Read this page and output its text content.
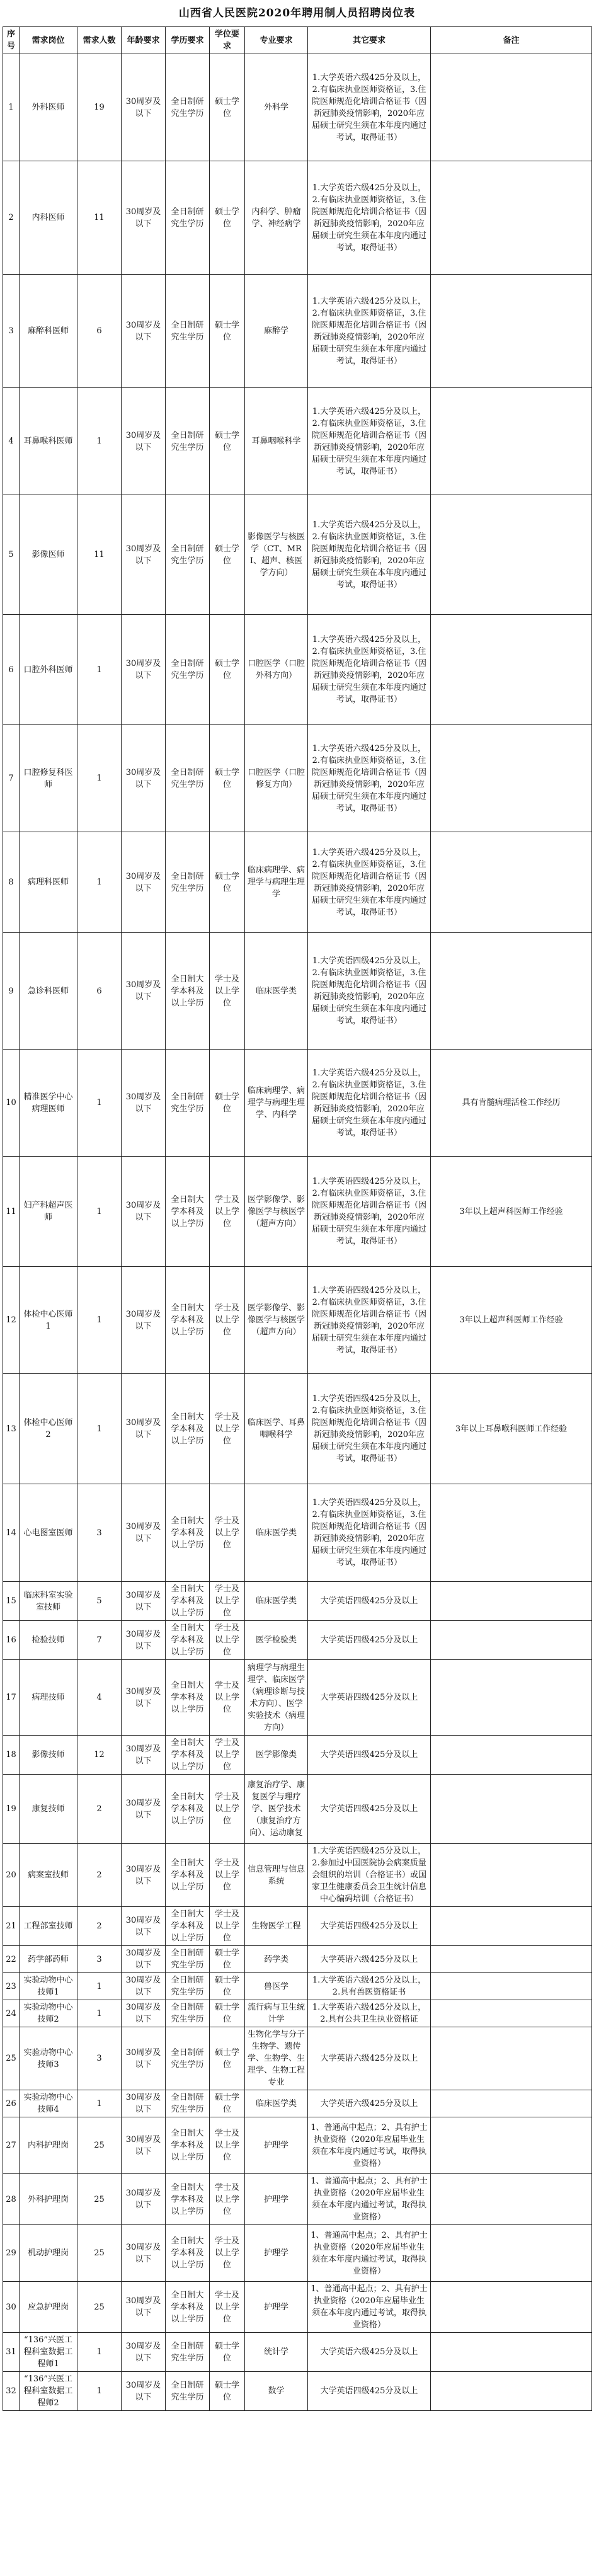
山西省人民医院2020年聘用制人员招聘岗位表
序号	需求岗位	需求人数	年龄要求	学历要求	学位要求	专业要求	其它要求	备注
1	外科医师	19	30周岁及以下	全日制研究生学历	硕士学位	外科学	1.大学英语六级425分及以上，2.有临床执业医师资格证，3.住院医师规范化培训合格证书（因新冠肺炎疫情影响，2020年应届硕士研究生须在本年度内通过考试，取得证书）	
2	内科医师	11	30周岁及以下	全日制研究生学历	硕士学位	内科学、肿瘤学、神经病学	1.大学英语六级425分及以上，2.有临床执业医师资格证，3.住院医师规范化培训合格证书（因新冠肺炎疫情影响，2020年应届硕士研究生须在本年度内通过考试，取得证书）	
3	麻醉科医师	6	30周岁及以下	全日制研究生学历	硕士学位	麻醉学	1.大学英语六级425分及以上，2.有临床执业医师资格证，3.住院医师规范化培训合格证书（因新冠肺炎疫情影响，2020年应届硕士研究生须在本年度内通过考试，取得证书）	
4	耳鼻喉科医师	1	30周岁及以下	全日制研究生学历	硕士学位	耳鼻咽喉科学	1.大学英语六级425分及以上，2.有临床执业医师资格证，3.住院医师规范化培训合格证书（因新冠肺炎疫情影响，2020年应届硕士研究生须在本年度内通过考试，取得证书）	
5	影像医师	11	30周岁及以下	全日制研究生学历	硕士学位	影像医学与核医学（CT、MRI、超声、核医学方向）	1.大学英语六级425分及以上，2.有临床执业医师资格证，3.住院医师规范化培训合格证书（因新冠肺炎疫情影响，2020年应届硕士研究生须在本年度内通过考试，取得证书）	
6	口腔外科医师	1	30周岁及以下	全日制研究生学历	硕士学位	口腔医学（口腔外科方向）	1.大学英语六级425分及以上，2.有临床执业医师资格证，3.住院医师规范化培训合格证书（因新冠肺炎疫情影响，2020年应届硕士研究生须在本年度内通过考试，取得证书）	
7	口腔修复科医师	1	30周岁及以下	全日制研究生学历	硕士学位	口腔医学（口腔修复方向）	1.大学英语六级425分及以上，2.有临床执业医师资格证，3.住院医师规范化培训合格证书（因新冠肺炎疫情影响，2020年应届硕士研究生须在本年度内通过考试，取得证书）	
8	病理科医师	1	30周岁及以下	全日制研究生学历	硕士学位	临床病理学、病理学与病理生理学	1.大学英语六级425分及以上，2.有临床执业医师资格证，3.住院医师规范化培训合格证书（因新冠肺炎疫情影响，2020年应届硕士研究生须在本年度内通过考试，取得证书）	
9	急诊科医师	6	30周岁及以下	全日制大学本科及以上学历	学士及以上学位	临床医学类	1.大学英语四级425分及以上，2.有临床执业医师资格证，3.住院医师规范化培训合格证书（因新冠肺炎疫情影响，2020年应届硕士研究生须在本年度内通过考试，取得证书）	
10	精准医学中心病理医师	1	30周岁及以下	全日制研究生学历	硕士学位	临床病理学、病理学与病理生理学、内科学	1.大学英语六级425分及以上，2.有临床执业医师资格证，3.住院医师规范化培训合格证书（因新冠肺炎疫情影响，2020年应届硕士研究生须在本年度内通过考试，取得证书）	具有肯髓病理活检工作经历
11	妇产科超声医师	1	30周岁及以下	全日制大学本科及以上学历	学士及以上学位	医学影像学、影像医学与核医学（超声方向）	1.大学英语四级425分及以上，2.有临床执业医师资格证，3.住院医师规范化培训合格证书（因新冠肺炎疫情影响，2020年应届硕士研究生须在本年度内通过考试，取得证书）	3年以上超声科医师工作经验
12	体检中心医师1	1	30周岁及以下	全日制大学本科及以上学历	学士及以上学位	医学影像学、影像医学与核医学（超声方向）	1.大学英语四级425分及以上，2.有临床执业医师资格证，3.住院医师规范化培训合格证书（因新冠肺炎疫情影响，2020年应届硕士研究生须在本年度内通过考试，取得证书）	3年以上超声科医师工作经验
13	体检中心医师2	1	30周岁及以下	全日制大学本科及以上学历	学士及以上学位	临床医学、耳鼻咽喉科学	1.大学英语四级425分及以上，2.有临床执业医师资格证，3.住院医师规范化培训合格证书（因新冠肺炎疫情影响，2020年应届硕士研究生须在本年度内通过考试，取得证书）	3年以上耳鼻喉科医师工作经验
14	心电图室医师	3	30周岁及以下	全日制大学本科及以上学历	学士及以上学位	临床医学类	1.大学英语四级425分及以上，2.有临床执业医师资格证，3.住院医师规范化培训合格证书（因新冠肺炎疫情影响，2020年应届硕士研究生须在本年度内通过考试，取得证书）	
15	临床科室实验室技师	5	30周岁及以下	全日制大学本科及以上学历	学士及以上学位	临床医学类	大学英语四级425分及以上	
16	检验技师	7	30周岁及以下	全日制大学本科及以上学历	学士及以上学位	医学检验类	大学英语四级425分及以上	
17	病理技师	4	30周岁及以下	全日制大学本科及以上学历	学士及以上学位	病理学与病理生理学、临床医学（病理诊断与技术方向）、医学实验技术（病理方向）	大学英语四级425分及以上	
18	影像技师	12	30周岁及以下	全日制大学本科及以上学历	学士及以上学位	医学影像类	大学英语四级425分及以上	
19	康复技师	2	30周岁及以下	全日制大学本科及以上学历	学士及以上学位	康复治疗学、康复医学与理疗学、医学技术（康复治疗方向）、运动康复	大学英语四级425分及以上	
20	病案室技师	2	30周岁及以下	全日制大学本科及以上学历	学士及以上学位	信息管理与信息系统	1.大学英语四级425分及以上，2.参加过中国医院协会病案质量会组织的培训（合格证书）或国家卫生健康委员会卫生统计信息中心编码培训（合格证书）	
21	工程部室技师	2	30周岁及以下	全日制大学本科及以上学历	学士及以上学位	生物医学工程	大学英语四级425分及以上	
22	药学部药师	3	30周岁及以下	全日制研究生学历	硕士学位	药学类	大学英语六级425分及以上	
23	实验动物中心技师1	1	30周岁及以下	全日制研究生学历	硕士学位	兽医学	1.大学英语六级425分及以上，2.具有兽医资格证书	
24	实验动物中心技师2	1	30周岁及以下	全日制研究生学历	硕士学位	流行病与卫生统计学	1.大学英语六级425分及以上，2.具有公共卫生执业资格证	
25	实验动物中心技师3	3	30周岁及以下	全日制研究生学历	硕士学位	生物化学与分子生物学、遗传学、生物学、生理学、生物工程专业	大学英语六级425分及以上	
26	实验动物中心技师4	1	30周岁及以下	全日制研究生学历	硕士学位	临床医学类	大学英语六级425分及以上	
27	内科护理岗	25	30周岁及以下	全日制大学本科及以上学历	学士及以上学位	护理学	1、普通高中起点；2、具有护士执业资格（2020年应届毕业生须在本年度内通过考试，取得执业资格）	
28	外科护理岗	25	30周岁及以下	全日制大学本科及以上学历	学士及以上学位	护理学	1、普通高中起点；2、具有护士执业资格（2020年应届毕业生须在本年度内通过考试，取得执业资格）	
29	机动护理岗	25	30周岁及以下	全日制大学本科及以上学历	学士及以上学位	护理学	1、普通高中起点；2、具有护士执业资格（2020年应届毕业生须在本年度内通过考试，取得执业资格）	
30	应急护理岗	25	30周岁及以下	全日制大学本科及以上学历	学士及以上学位	护理学	1、普通高中起点；2、具有护士执业资格（2020年应届毕业生须在本年度内通过考试，取得执业资格）	
31	“136”兴医工程科室数据工程师1	1	30周岁及以下	全日制研究生学历	硕士学位	统计学	大学英语六级425分及以上	
32	“136”兴医工程科室数据工程师2	1	30周岁及以下	全日制研究生学历	硕士学位	数学	大学英语四级425分及以上	
